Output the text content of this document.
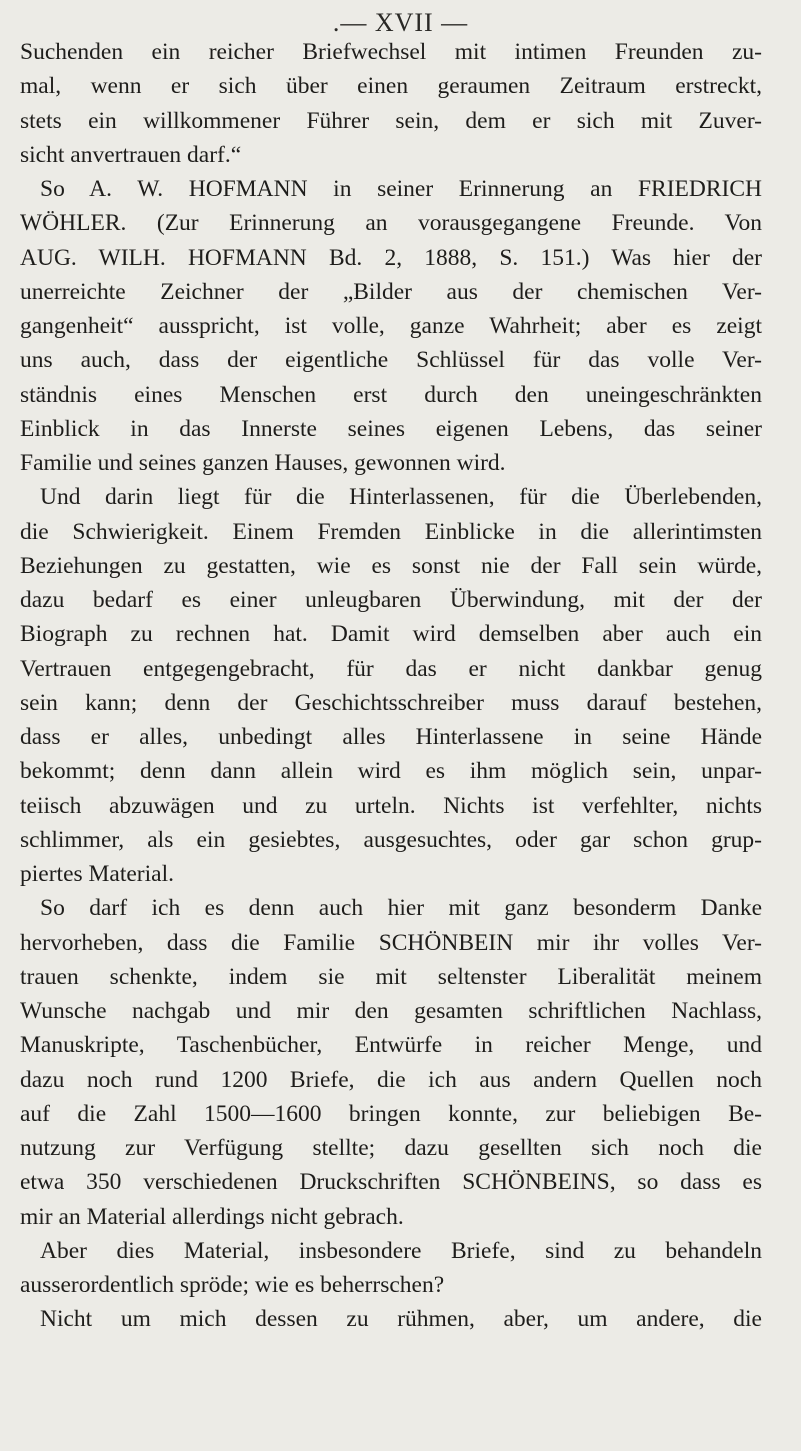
.— XVII —
Suchenden ein reicher Briefwechsel mit intimen Freunden zu-
mal, wenn er sich über einen geraumen Zeitraum erstreckt,
stets ein willkommener Führer sein, dem er sich mit Zuver-
sicht anvertrauen darf.“
So A. W. HOFMANN in seiner Erinnerung an FRIEDRICH
WÖHLER. (Zur Erinnerung an vorausgegangene Freunde. Von
AUG. WILH. HOFMANN Bd. 2, 1888, S. 151.) Was hier der
unerreichte Zeichner der „Bilder aus der chemischen Ver-
gangenheit“ ausspricht, ist volle, ganze Wahrheit; aber es zeigt
uns auch, dass der eigentliche Schlüssel für das volle Ver-
ständnis eines Menschen erst durch den uneingeschränkten
Einblick in das Innerste seines eigenen Lebens, das seiner
Familie und seines ganzen Hauses, gewonnen wird.
Und darin liegt für die Hinterlassenen, für die Überlebenden,
die Schwierigkeit. Einem Fremden Einblicke in die allerintimsten
Beziehungen zu gestatten, wie es sonst nie der Fall sein würde,
dazu bedarf es einer unleugbaren Überwindung, mit der der
Biograph zu rechnen hat. Damit wird demselben aber auch ein
Vertrauen entgegengebracht, für das er nicht dankbar genug
sein kann; denn der Geschichtsschreiber muss darauf bestehen,
dass er alles, unbedingt alles Hinterlassene in seine Hände
bekommt; denn dann allein wird es ihm möglich sein, unpar-
teiisch abzuwägen und zu urteln. Nichts ist verfehlter, nichts
schlimmer, als ein gesiebtes, ausgesuchtes, oder gar schon grup-
piertes Material.
So darf ich es denn auch hier mit ganz besonderm Danke
hervorheben, dass die Familie SCHÖNBEIN mir ihr volles Ver-
trauen schenkte, indem sie mit seltenster Liberalität meinem
Wunsche nachgab und mir den gesamten schriftlichen Nachlass,
Manuskripte, Taschenbücher, Entwürfe in reicher Menge, und
dazu noch rund 1200 Briefe, die ich aus andern Quellen noch
auf die Zahl 1500—1600 bringen konnte, zur beliebigen Be-
nutzung zur Verfügung stellte; dazu gesellten sich noch die
etwa 350 verschiedenen Druckschriften SCHÖNBEINS, so dass es
mir an Material allerdings nicht gebrach.
Aber dies Material, insbesondere Briefe, sind zu behandeln
ausserordentlich spröde; wie es beherrschen?
Nicht um mich dessen zu rühmen, aber, um andere, die
